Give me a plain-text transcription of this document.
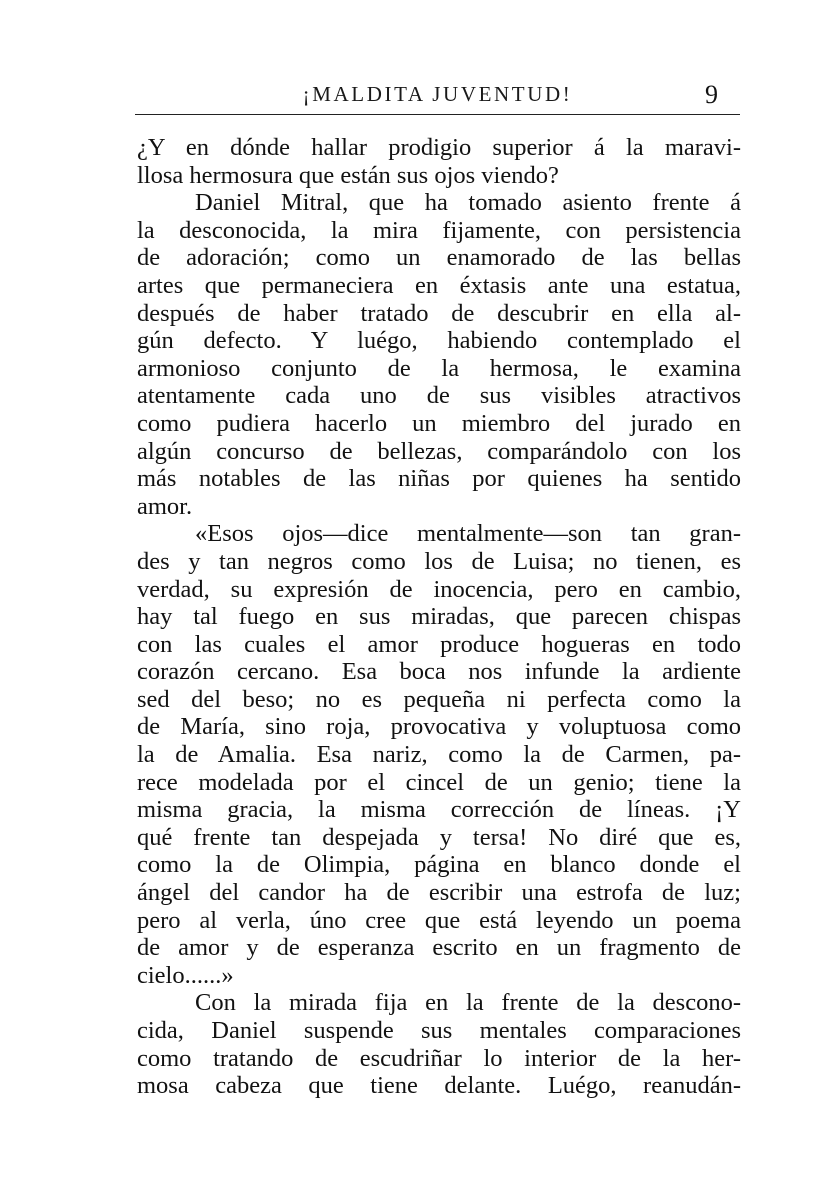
¡MALDITA JUVENTUD!	9
¿Y en dónde hallar prodigio superior á la maravi-
llosa hermosura que están sus ojos viendo?
Daniel Mitral, que ha tomado asiento frente á
la desconocida, la mira fijamente, con persistencia
de adoración; como un enamorado de las bellas
artes que permaneciera en éxtasis ante una estatua,
después de haber tratado de descubrir en ella al-
gún defecto. Y luégo, habiendo contemplado el
armonioso conjunto de la hermosa, le examina
atentamente cada uno de sus visibles atractivos
como pudiera hacerlo un miembro del jurado en
algún concurso de bellezas, comparándolo con los
más notables de las niñas por quienes ha sentido
amor.
«Esos ojos—dice mentalmente—son tan gran-
des y tan negros como los de Luisa; no tienen, es
verdad, su expresión de inocencia, pero en cambio,
hay tal fuego en sus miradas, que parecen chispas
con las cuales el amor produce hogueras en todo
corazón cercano. Esa boca nos infunde la ardiente
sed del beso; no es pequeña ni perfecta como la
de María, sino roja, provocativa y voluptuosa como
la de Amalia. Esa nariz, como la de Carmen, pa-
rece modelada por el cincel de un genio; tiene la
misma gracia, la misma corrección de líneas. ¡Y
qué frente tan despejada y tersa! No diré que es,
como la de Olimpia, página en blanco donde el
ángel del candor ha de escribir una estrofa de luz;
pero al verla, úno cree que está leyendo un poema
de amor y de esperanza escrito en un fragmento de
cielo......»
Con la mirada fija en la frente de la descono-
cida, Daniel suspende sus mentales comparaciones
como tratando de escudriñar lo interior de la her-
mosa cabeza que tiene delante. Luégo, reanudán-
